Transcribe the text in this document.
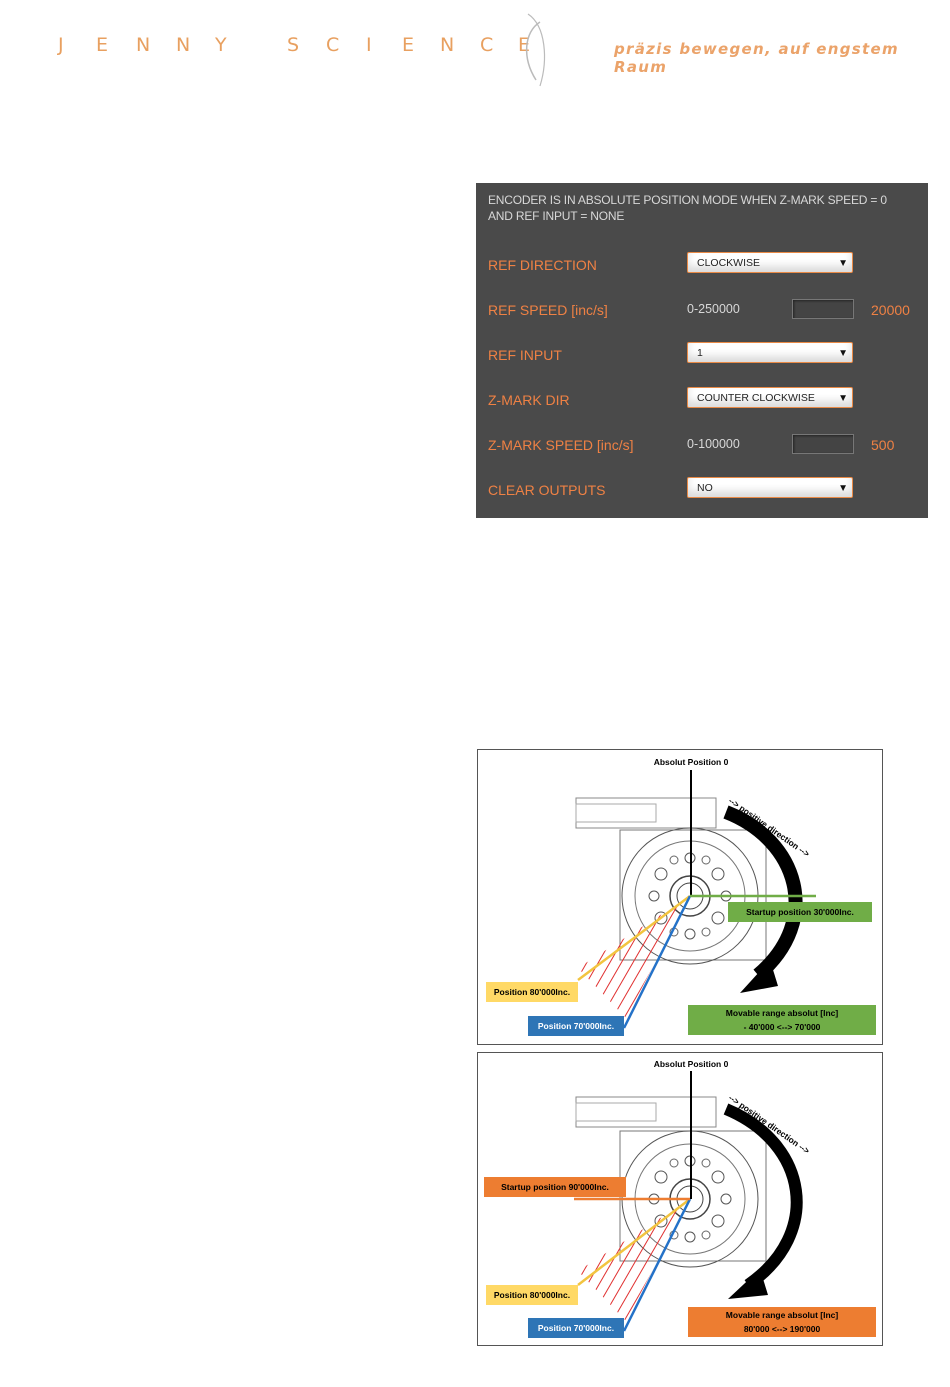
J E N N Y	S C I E N C E	präzis bewegen, auf engstem Raum
ENCODER IS IN ABSOLUTE POSITION MODE WHEN Z-MARK SPEED = 0 AND REF INPUT = NONE
REF DIRECTION	CLOCKWISE	▼
REF SPEED [inc/s]	0-250000	20000
REF INPUT	1	▼
Z-MARK DIR	COUNTER CLOCKWISE ▼
Z-MARK SPEED [inc/s]	0-100000	500
CLEAR OUTPUTS	NO	▼
Absolut Position 0
--> positive direction -->
Startup position 30'000Inc.
Position 80'000Inc.
Position 70'000Inc.
Movable range absolut [Inc]
- 40'000 <--> 70'000
Absolut Position 0
--> positive direction -->
Startup position 90'000Inc.
Position 80'000Inc.
Position 70'000Inc.
Movable range absolut [Inc]
80'000 <--> 190'000
